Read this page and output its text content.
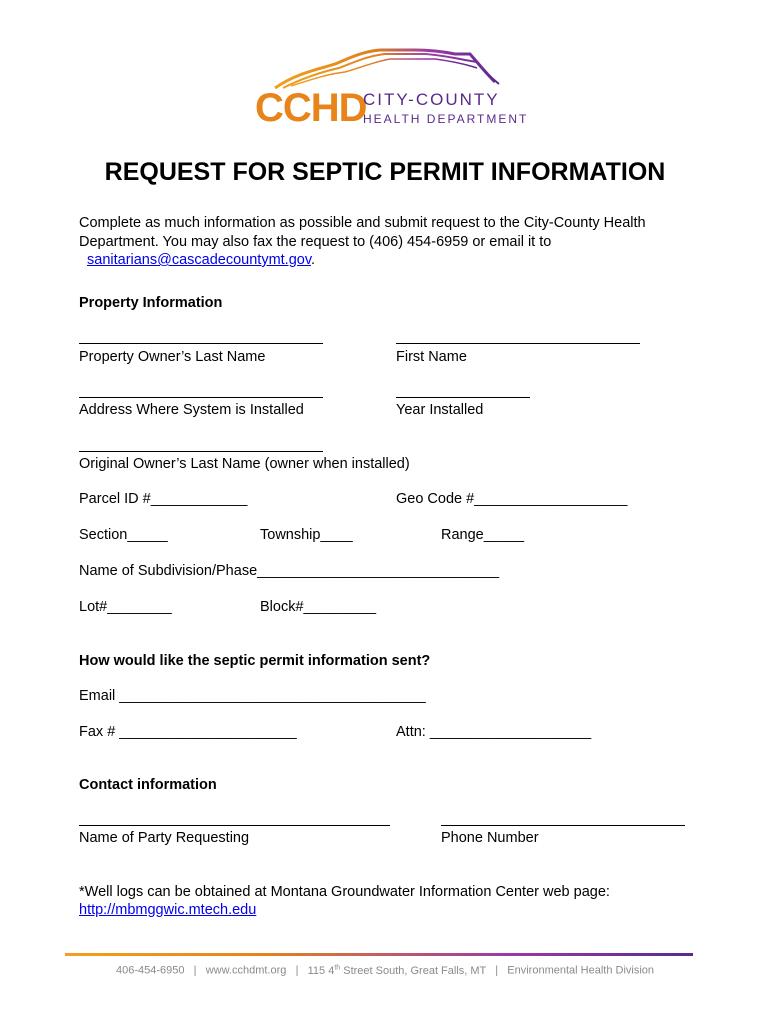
CCHD
CITY-COUNTY
HEALTH DEPARTMENT
REQUEST FOR SEPTIC PERMIT INFORMATION
Complete as much information as possible and submit request to the City-County Health
Department. You may also fax the request to (406) 454-6959 or email it to
sanitarians@cascadecountymt.gov.
Property Information
Property Owner’s Last Name	First Name
Address Where System is Installed	Year Installed
Original Owner’s Last Name (owner when installed)
Parcel ID #____________	Geo Code #___________________
Section_____	Township____	Range_____
Name of Subdivision/Phase______________________________
Lot#________	Block#_________
How would like the septic permit information sent?
Email ______________________________________
Fax # ______________________	Attn: ____________________
Contact information
Name of Party Requesting	Phone Number
*Well logs can be obtained at Montana Groundwater Information Center web page:
http://mbmggwic.mtech.edu
406-454-6950 | www.cchdmt.org | 115 4th Street South, Great Falls, MT | Environmental Health Division
